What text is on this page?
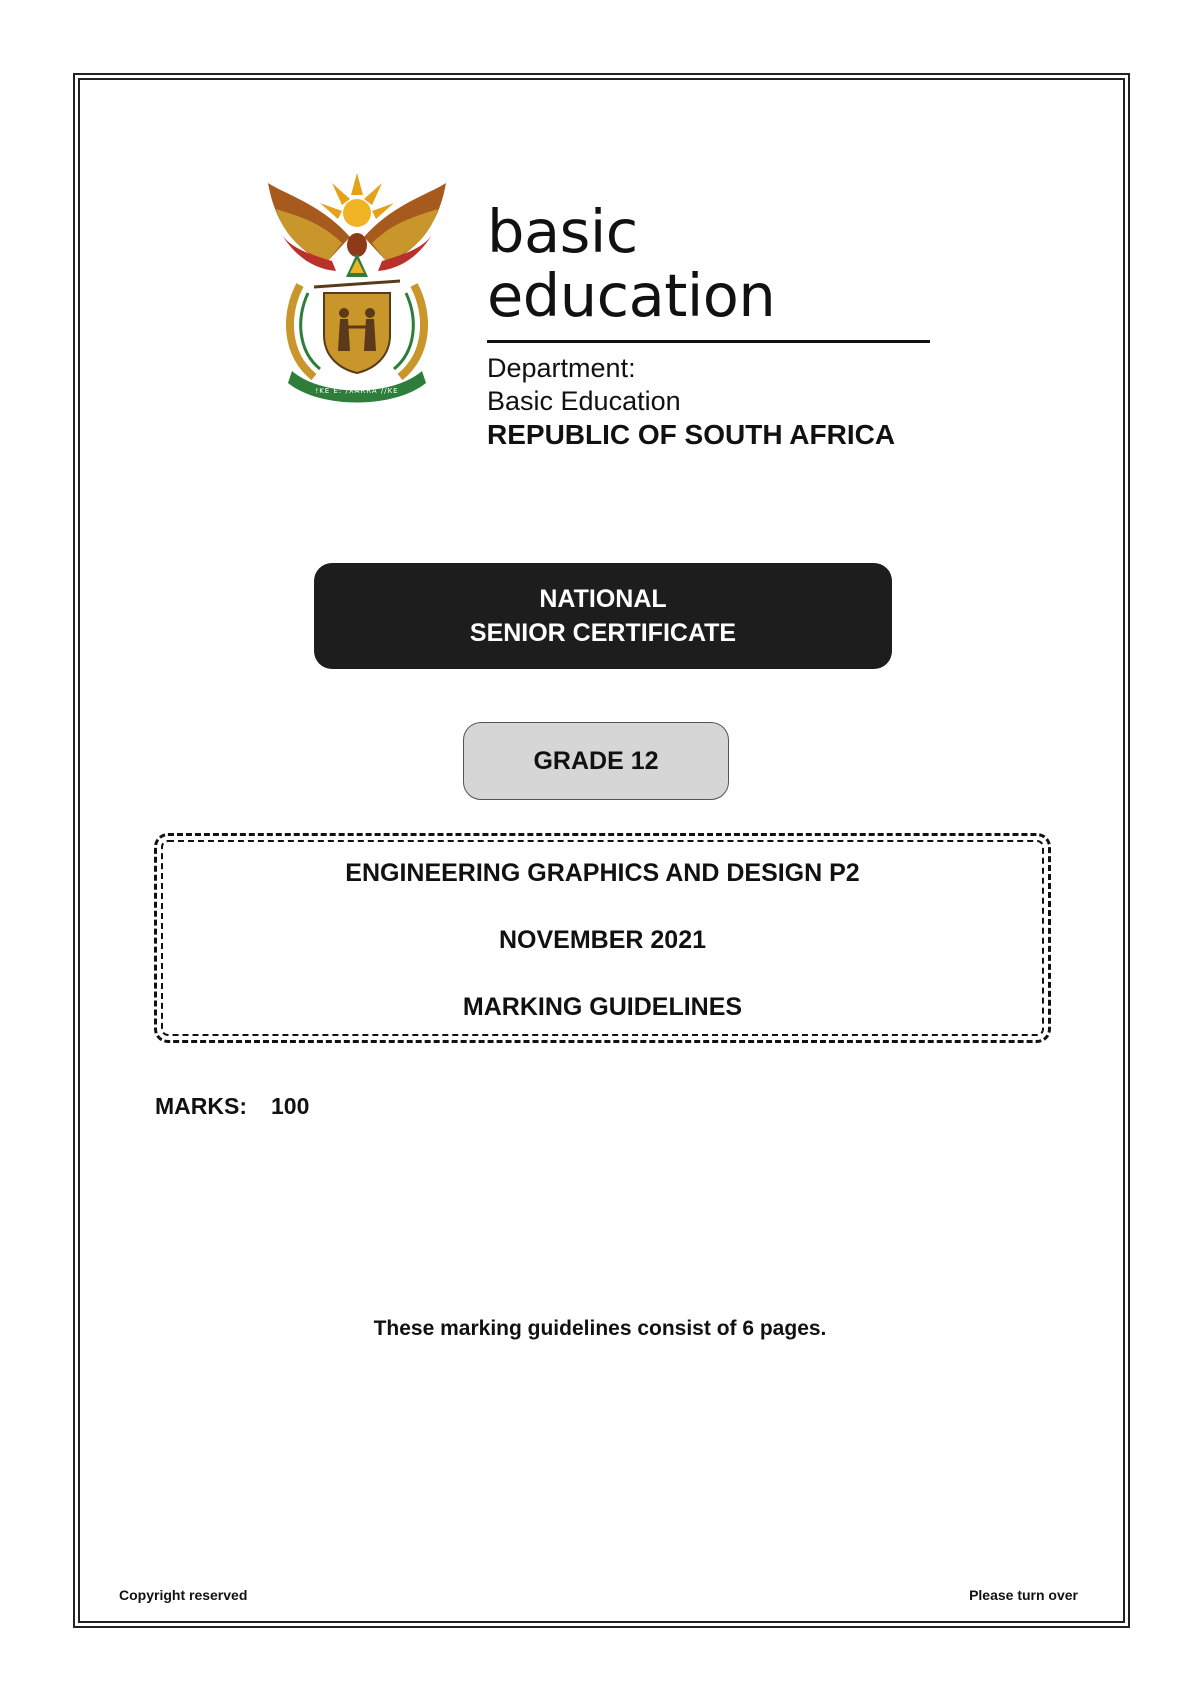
!KE E: /XARRA //KE
basic education
Department:
Basic Education
REPUBLIC OF SOUTH AFRICA
NATIONAL
SENIOR CERTIFICATE
GRADE 12
ENGINEERING GRAPHICS AND DESIGN P2
NOVEMBER 2021
MARKING GUIDELINES
MARKS: 100
These marking guidelines consist of 6 pages.
Copyright reserved	Please turn over
